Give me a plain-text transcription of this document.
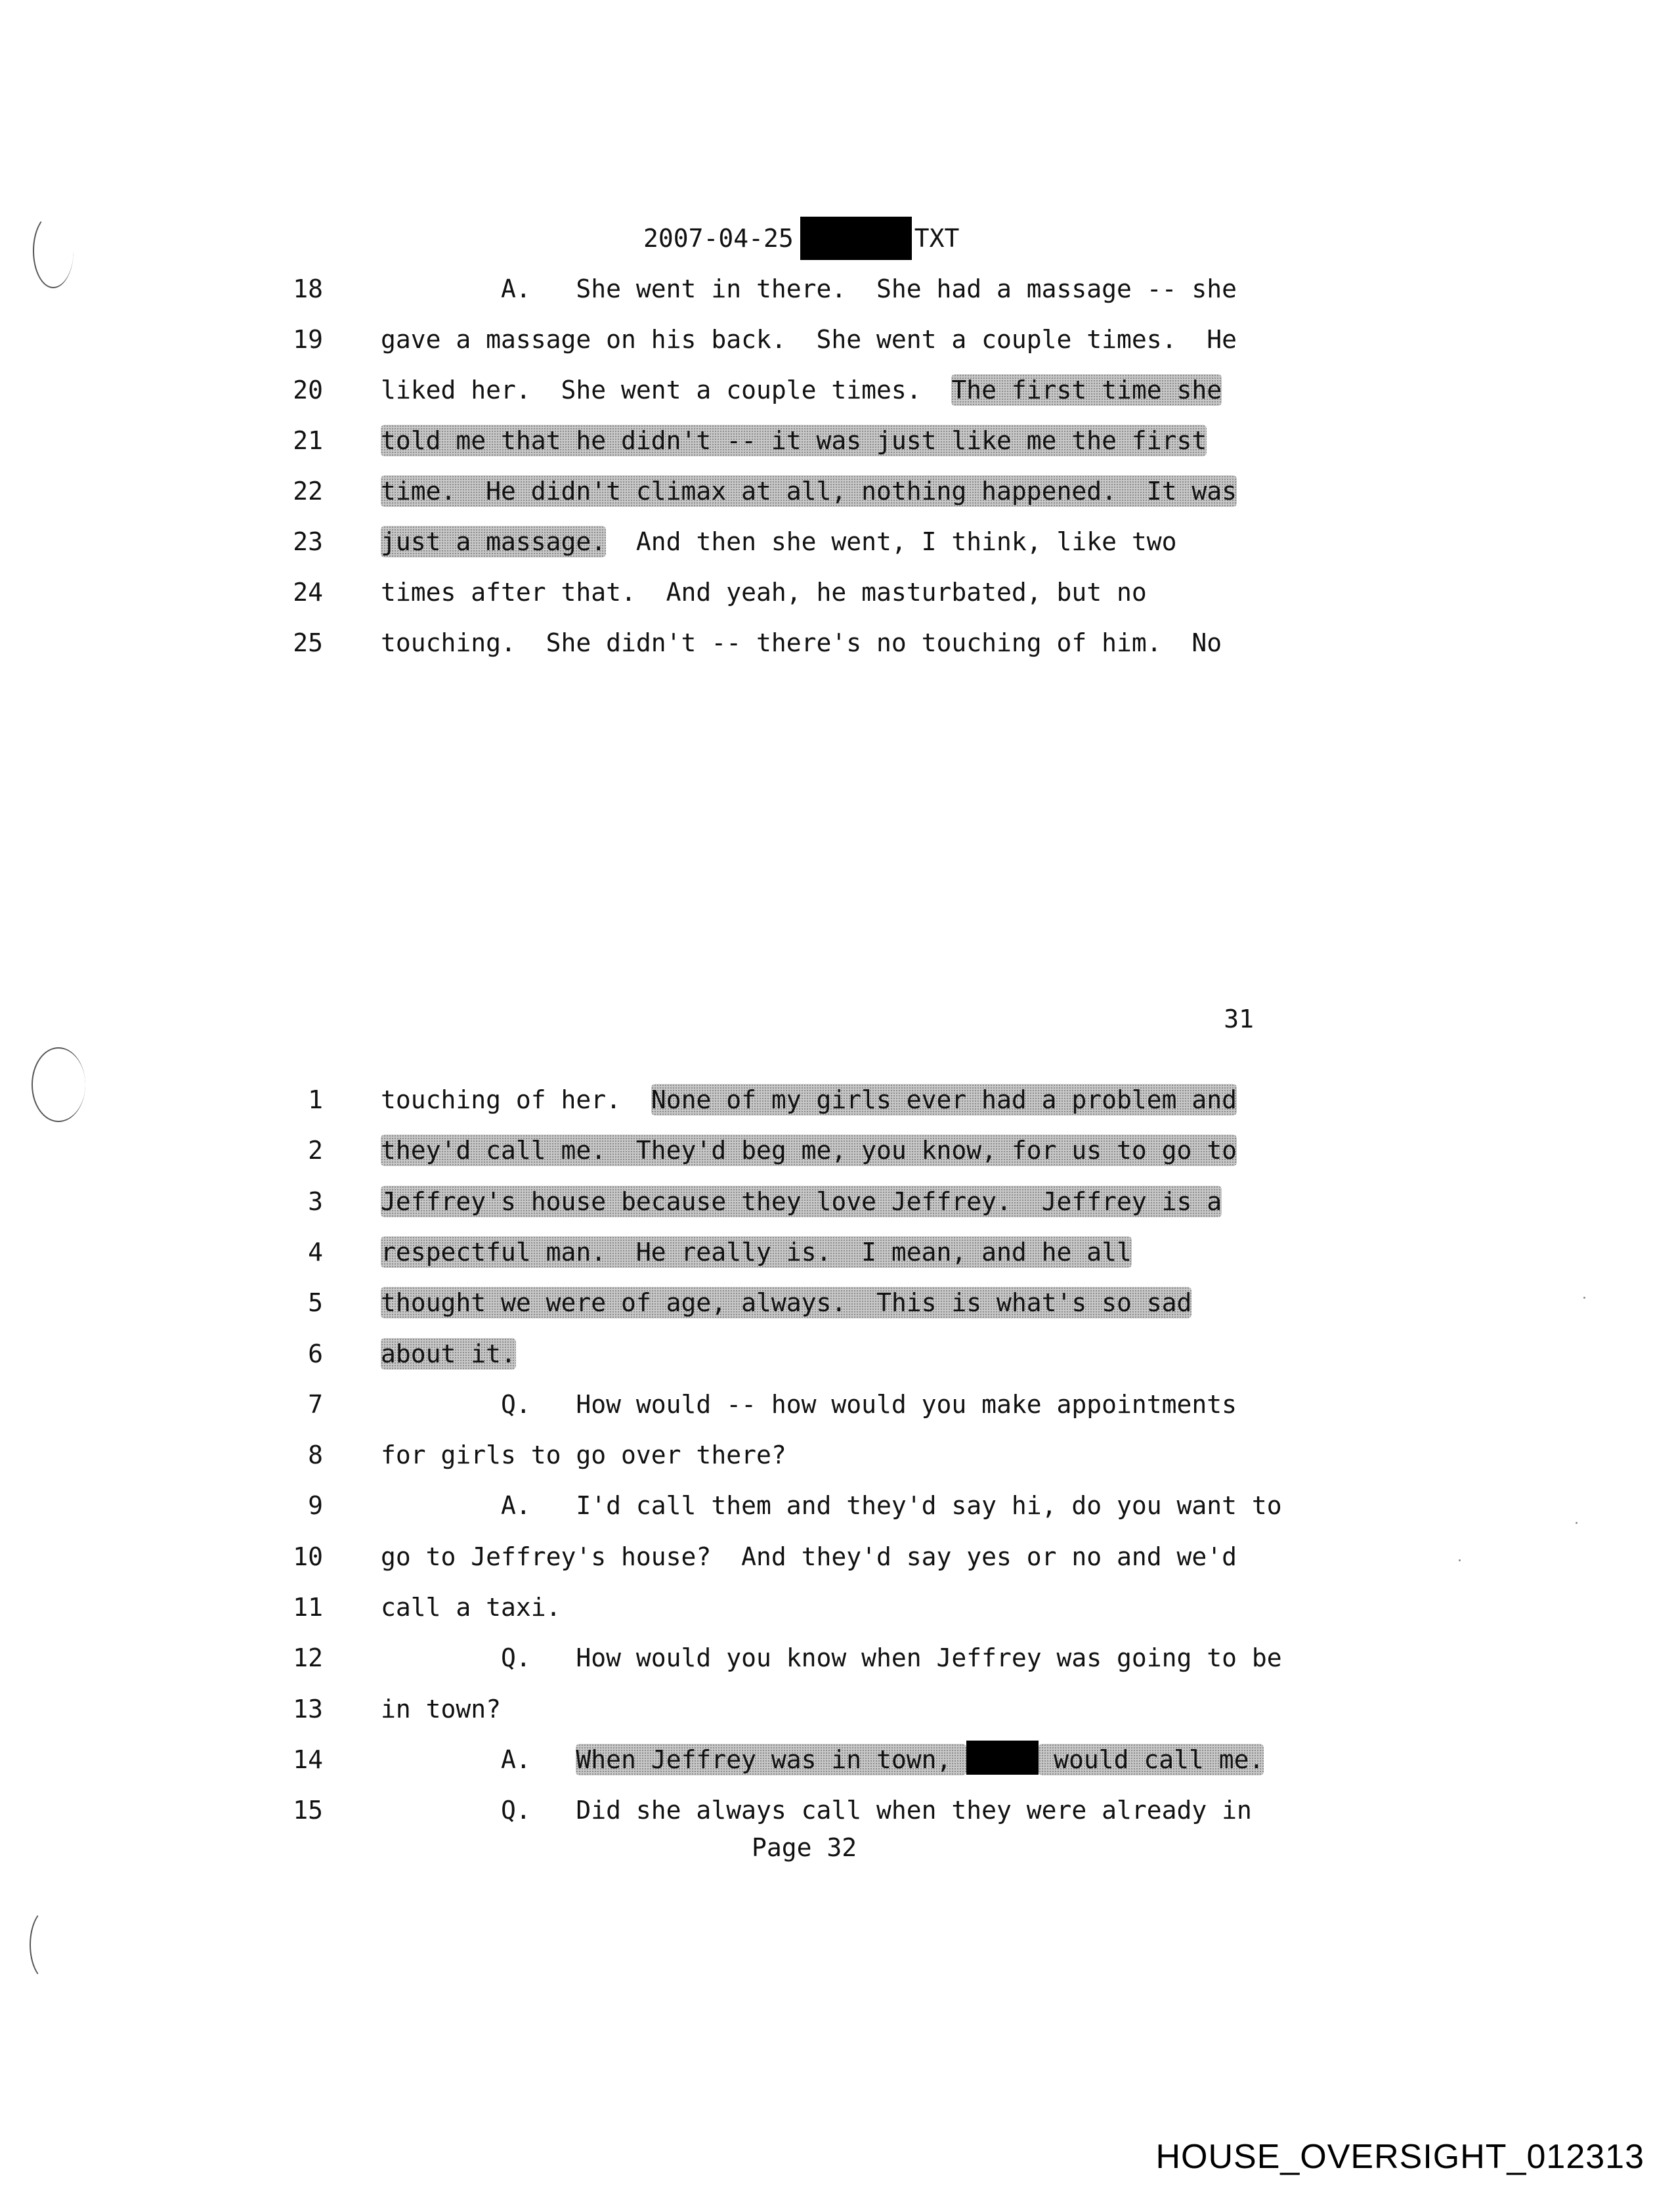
2007-04-25	TXT
18 A.   She went in there.  She had a massage -- she
19 gave a massage on his back.  She went a couple times.  He
20 liked her.  She went a couple times.  The first time she
21 told me that he didn't -- it was just like me the first
22 time.  He didn't climax at all, nothing happened.  It was
23 just a massage.  And then she went, I think, like two
24 times after that.  And yeah, he masturbated, but no
25 touching.  She didn't -- there's no touching of him.  No
31
1 touching of her.  None of my girls ever had a problem and
2 they'd call me.  They'd beg me, you know, for us to go to
3 Jeffrey's house because they love Jeffrey.  Jeffrey is a
4 respectful man.  He really is.  I mean, and he all
5 thought we were of age, always.  This is what's so sad
6 about it.
7 Q.   How would -- how would you make appointments
8 for girls to go over there?
9 A.   I'd call them and they'd say hi, do you want to
10 go to Jeffrey's house?  And they'd say yes or no and we'd
11 call a taxi.
12 Q.   How would you know when Jeffrey was going to be
13 in town?
14 A.   When Jeffrey was in town,	would call me.
15 Q.   Did she always call when they were already in
Page 32
HOUSE_OVERSIGHT_012313
